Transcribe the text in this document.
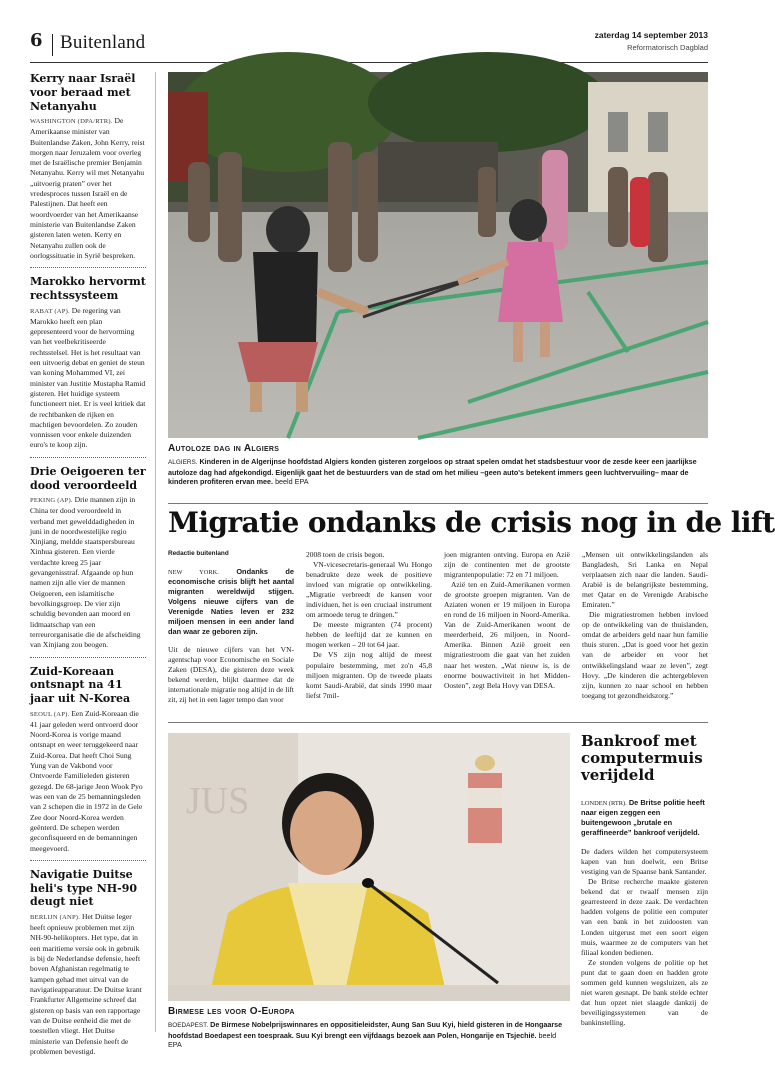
6 Buitenland	zaterdag 14 september 2013
Reformatorisch Dagblad
Kerry naar Israël voor beraad met Netanyahu

WASHINGTON (DPA/RTR). De Amerikaanse minister van Buitenlandse Zaken, John Kerry, reist morgen naar Jeruzalem voor overleg met de Israëlische premier Benjamin Netanyahu. Kerry wil met Netanyahu „uitvoerig praten” over het vredesproces tussen Israël en de Palestijnen. Dat heeft een woordvoerder van het Amerikaanse ministerie van Buitenlandse Zaken gisteren laten weten. Kerry en Netanyahu zullen ook de oorlogssituatie in Syrië bespreken.

Marokko hervormt rechtssysteem

RABAT (AP). De regering van Marokko heeft een plan gepresenteerd voor de hervorming van het veelbekritiseerde rechtsstelsel. Het is het resultaat van een uitvoerig debat en geniet de steun van koning Mohammed VI, zei minister van Justitie Mustapha Ramid gisteren. Het huidige systeem functioneert niet. Er is veel kritiek dat de rechtbanken de rijken en machtigen bevoordelen. Zo zouden vonnissen voor enkele duizenden euro's te koop zijn.

Drie Oeigoeren ter dood veroordeeld

PEKING (AP). Drie mannen zijn in China ter dood veroordeeld in verband met gewelddadigheden in juni in de noordwestelijke regio Xinjiang, meldde staatspersbureau Xinhua gisteren. Een vierde verdachte kreeg 25 jaar gevangenisstraf. Afgaande op hun namen zijn alle vier de mannen Oeigoeren, een islamitische bevolkingsgroep. De vier zijn schuldig bevonden aan moord en lidmaatschap van een terreurorganisatie die de afscheiding van Xinjiang zou beogen.

Zuid-Koreaan ontsnapt na 41 jaar uit N-Korea

SEOUL (AP). Een Zuid-Koreaan die 41 jaar geleden werd ontvoerd door Noord-Korea is vorige maand ontsnapt en weer teruggekeerd naar Zuid-Korea. Dat heeft Choi Sung Yung van de Vakbond voor Ontvoerde Familieleden gisteren gezegd. De 68-jarige Jeon Wook Pyo was een van de 25 bemanningsleden van 2 schepen die in 1972 in de Gele Zee door Noord-Korea werden geënterd. De schepen werden geconfisqueerd en de bemanningen meegevoerd.

Navigatie Duitse heli's type NH-90 deugt niet

BERLIJN (ANP). Het Duitse leger heeft opnieuw problemen met zijn NH-90-helikopters. Het type, dat in een maritieme versie ook in gebruik is bij de Nederlandse defensie, heeft boven Afghanistan regelmatig te kampen gehad met uitval van de navigatieapparatuur. De Duitse krant Frankfurter Allgemeine schreef dat gisteren op basis van een rapportage van de Duitse eenheid die met de toestellen vliegt. Het Duitse ministerie van Defensie heeft de problemen bevestigd.

Autoloze dag in Algiers
ALGIERS. Kinderen in de Algerijnse hoofdstad Algiers konden gisteren zorgeloos op straat spelen omdat het stadsbestuur voor de zesde keer een jaarlijkse autoloze dag had afgekondigd. Eigenlijk gaat het de bestuurders van de stad om het milieu –geen auto's betekent immers geen luchtvervuiling– maar de kinderen profiteren ervan mee. beeld EPA
Migratie ondanks de crisis nog in de lift
Redactie buitenland

NEW YORK. Ondanks de economische crisis blijft het aantal migranten wereldwijd stijgen. Volgens nieuwe cijfers van de Verenigde Naties leven er 232 miljoen mensen in een ander land dan waar ze geboren zijn.

Uit de nieuwe cijfers van het VN-agentschap voor Economische en Sociale Zaken (DESA), die gisteren deze week bekend werden, blijkt daarmee dat de internationale migratie nog altijd in de lift zit, zij het in een lager tempo dan voor

2008 toen de crisis begon.

VN-vicesecretaris-generaal Wu Hongo benadrukte deze week de positieve invloed van migratie op ontwikkeling. „Migratie verbreedt de kansen voor individuen, het is een cruciaal instrument om armoede terug te dringen.”

De meeste migranten (74 procent) hebben de leeftijd dat ze kunnen en mogen werken – 20 tot 64 jaar.

De VS zijn nog altijd de meest populaire bestemming, met zo'n 45,8 miljoen migranten. Op de tweede plaats komt Saudi-Arabië, dat sinds 1990 maar liefst 7mil-

joen migranten ontving. Europa en Azië zijn de continenten met de grootste migrantenpopulatie: 72 en 71 miljoen.

Azië ten en Zuid-Amerikanen vormen de grootste groepen migranten. Van de Aziaten wonen er 19 miljoen in Europa en rond de 16 miljoen in Noord-Amerika. Van de Zuid-Amerikanen woont de meerderheid, 26 miljoen, in Noord-Amerika. Binnen Azië groeit een migratiestroom die gaat van het zuiden naar het westen. „Wat nieuw is, is de enorme bouwactiviteit in het Midden-Oosten”, zegt Bela Hovy van DESA.

„Mensen uit ontwikkelingslanden als Bangladesh, Sri Lanka en Nepal verplaatsen zich naar die landen. Saudi-Arabië is de belangrijkste bestemming, met Qatar en de Verenigde Arabische Emiraten.”

Die migratiestromen hebben invloed op de ontwikkeling van de thuislanden, omdat de arbeiders geld naar hun familie thuis sturen. „Dat is goed voor het gezin van de arbeider en voor het ontwikkelingsland waar ze leven”, zegt Hovy. „De kinderen die achtergebleven zijn, kunnen zo naar school en hebben toegang tot gezondheidszorg.”

JUS
Birmese les voor O-Europa
BOEDAPEST. De Birmese Nobelprijswinnares en oppositieleidster, Aung San Suu Kyi, hield gisteren in de Hongaarse hoofdstad Boedapest een toespraak. Suu Kyi brengt een vijfdaags bezoek aan Polen, Hongarije en Tsjechië. beeld EPA
Bankroof met computermuis verijdeld

LONDEN (RTR). De Britse politie heeft naar eigen zeggen een buitengewoon „brutale en geraffineerde” bankroof verijdeld.

De daders wilden het computersysteem kapen van hun doelwit, een Britse vestiging van de Spaanse bank Santander.

De Britse recherche maakte gisteren bekend dat er twaalf mensen zijn gearresteerd in deze zaak. De verdachten hadden volgens de politie een computer van een bank in het zuidoosten van Londen uitgerust met een soort eigen muis, waarmee ze de computers van het filiaal konden bedienen.

Ze stonden volgens de politie op het punt dat te gaan doen en hadden grote sommen geld kunnen wegsluizen, als ze niet waren gesnapt. De bank stelde echter dat hun opzet niet slaagde dankzij de beveiligingssystemen van de bankinstelling.
